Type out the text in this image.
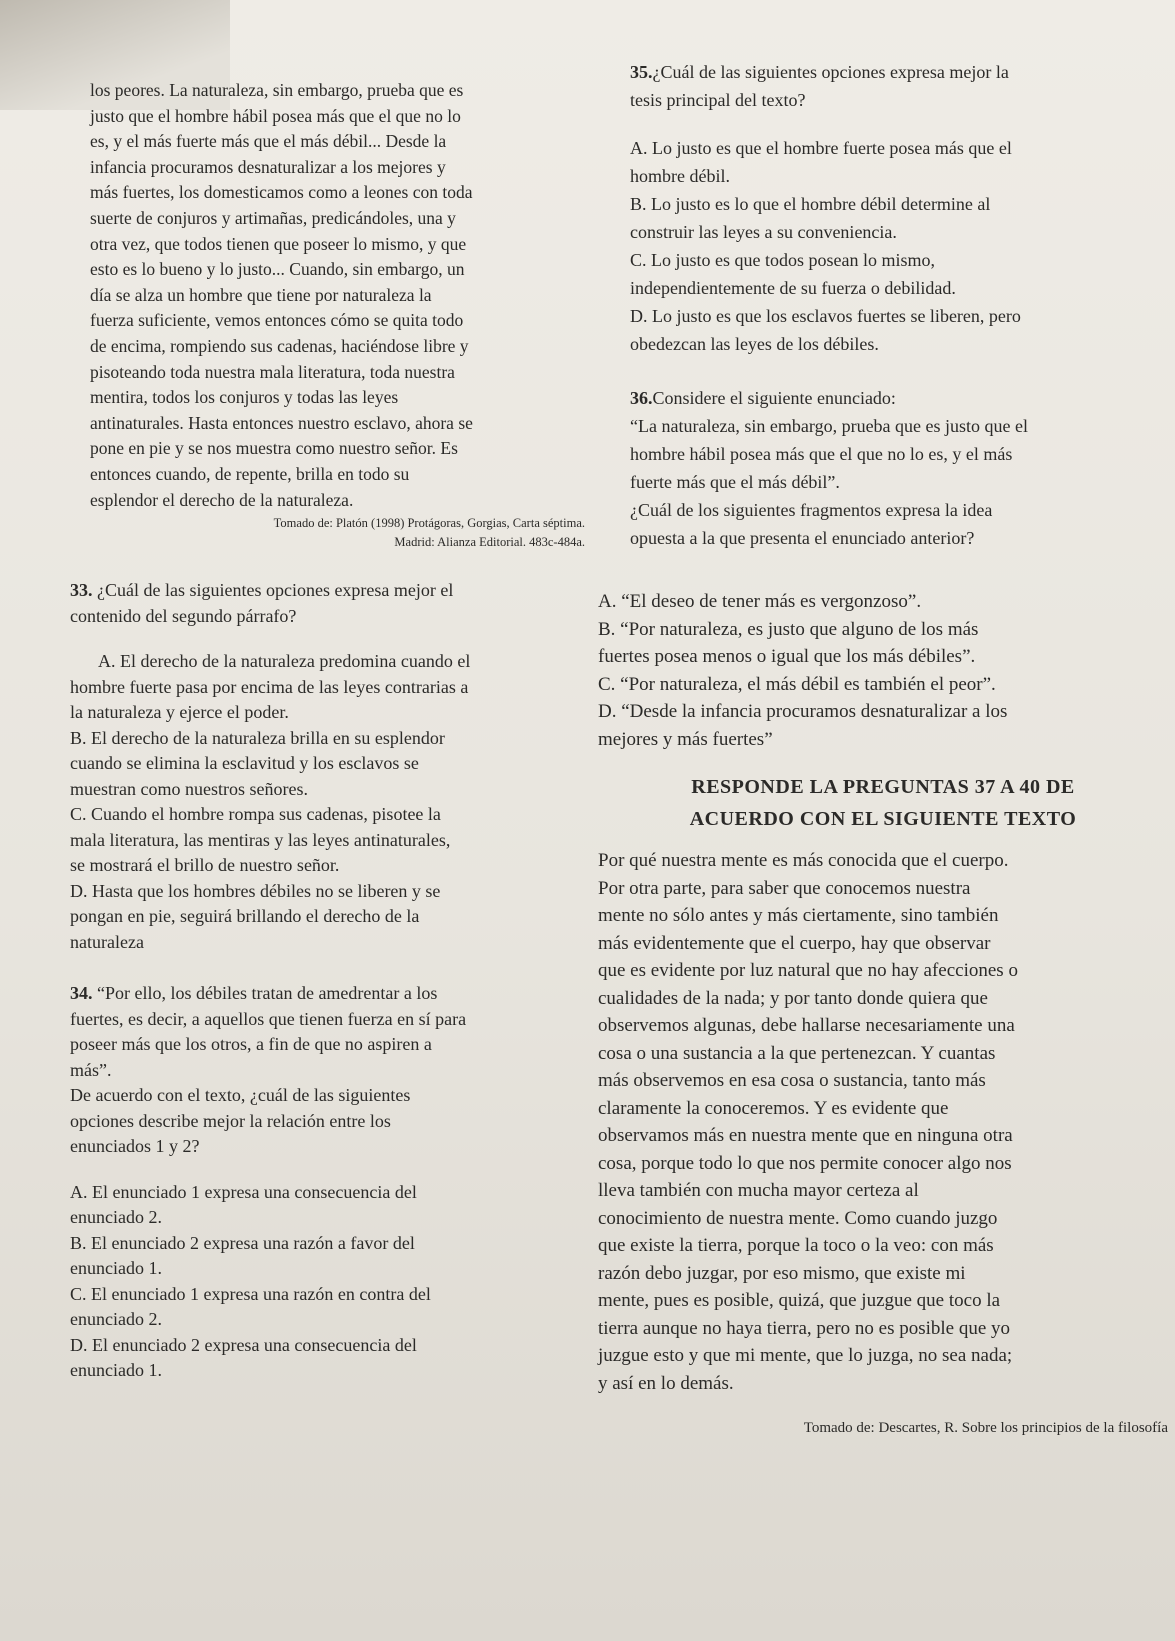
los peores. La naturaleza, sin embargo, prueba que es

justo que el hombre hábil posea más que el que no lo

es, y el más fuerte más que el más débil... Desde la

infancia procuramos desnaturalizar a los mejores y

más fuertes, los domesticamos como a leones con toda

suerte de conjuros y artimañas, predicándoles, una y

otra vez, que todos tienen que poseer lo mismo, y que

esto es lo bueno y lo justo... Cuando, sin embargo, un

día se alza un hombre que tiene por naturaleza la

fuerza suficiente, vemos entonces cómo se quita todo

de encima, rompiendo sus cadenas, haciéndose libre y

pisoteando toda nuestra mala literatura, toda nuestra

mentira, todos los conjuros y todas las leyes

antinaturales. Hasta entonces nuestro esclavo, ahora se

pone en pie y se nos muestra como nuestro señor. Es

entonces cuando, de repente, brilla en todo su

esplendor el derecho de la naturaleza.

Tomado de: Platón (1998) Protágoras, Gorgias, Carta séptima.

Madrid: Alianza Editorial. 483c-484a.

35.¿Cuál de las siguientes opciones expresa mejor la

tesis principal del texto?

A. Lo justo es que el hombre fuerte posea más que el

hombre débil.

B. Lo justo es lo que el hombre débil determine al

construir las leyes a su conveniencia.

C. Lo justo es que todos posean lo mismo,

independientemente de su fuerza o debilidad.

D. Lo justo es que los esclavos fuertes se liberen, pero

obedezcan las leyes de los débiles.

36.Considere el siguiente enunciado:

“La naturaleza, sin embargo, prueba que es justo que el

hombre hábil posea más que el que no lo es, y el más

fuerte más que el más débil”.

¿Cuál de los siguientes fragmentos expresa la idea

opuesta a la que presenta el enunciado anterior?

33. ¿Cuál de las siguientes opciones expresa mejor el

contenido del segundo párrafo?

A. El derecho de la naturaleza predomina cuando el

hombre fuerte pasa por encima de las leyes contrarias a

la naturaleza y ejerce el poder.

B. El derecho de la naturaleza brilla en su esplendor

cuando se elimina la esclavitud y los esclavos se

muestran como nuestros señores.

C. Cuando el hombre rompa sus cadenas, pisotee la

mala literatura, las mentiras y las leyes antinaturales,

se mostrará el brillo de nuestro señor.

D. Hasta que los hombres débiles no se liberen y se

pongan en pie, seguirá brillando el derecho de la

naturaleza

34. “Por ello, los débiles tratan de amedrentar a los

fuertes, es decir, a aquellos que tienen fuerza en sí para

poseer más que los otros, a fin de que no aspiren a

más”.

De acuerdo con el texto, ¿cuál de las siguientes

opciones describe mejor la relación entre los

enunciados 1 y 2?

A. El enunciado 1 expresa una consecuencia del

enunciado 2.

B. El enunciado 2 expresa una razón a favor del

enunciado 1.

C. El enunciado 1 expresa una razón en contra del

enunciado 2.

D. El enunciado 2 expresa una consecuencia del

enunciado 1.

A. “El deseo de tener más es vergonzoso”.

B. “Por naturaleza, es justo que alguno de los más

fuertes posea menos o igual que los más débiles”.

C. “Por naturaleza, el más débil es también el peor”.

D. “Desde la infancia procuramos desnaturalizar a los

mejores y más fuertes”

RESPONDE LA PREGUNTAS 37 A 40 DE
ACUERDO CON EL SIGUIENTE TEXTO

Por qué nuestra mente es más conocida que el cuerpo.

Por otra parte, para saber que conocemos nuestra

mente no sólo antes y más ciertamente, sino también

más evidentemente que el cuerpo, hay que observar

que es evidente por luz natural que no hay afecciones o

cualidades de la nada; y por tanto donde quiera que

observemos algunas, debe hallarse necesariamente una

cosa o una sustancia a la que pertenezcan. Y cuantas

más observemos en esa cosa o sustancia, tanto más

claramente la conoceremos. Y es evidente que

observamos más en nuestra mente que en ninguna otra

cosa, porque todo lo que nos permite conocer algo nos

lleva también con mucha mayor certeza al

conocimiento de nuestra mente. Como cuando juzgo

que existe la tierra, porque la toco o la veo: con más

razón debo juzgar, por eso mismo, que existe mi

mente, pues es posible, quizá, que juzgue que toco la

tierra aunque no haya tierra, pero no es posible que yo

juzgue esto y que mi mente, que lo juzga, no sea nada;

y así en lo demás.

Tomado de: Descartes, R. Sobre los principios de la filosofía
